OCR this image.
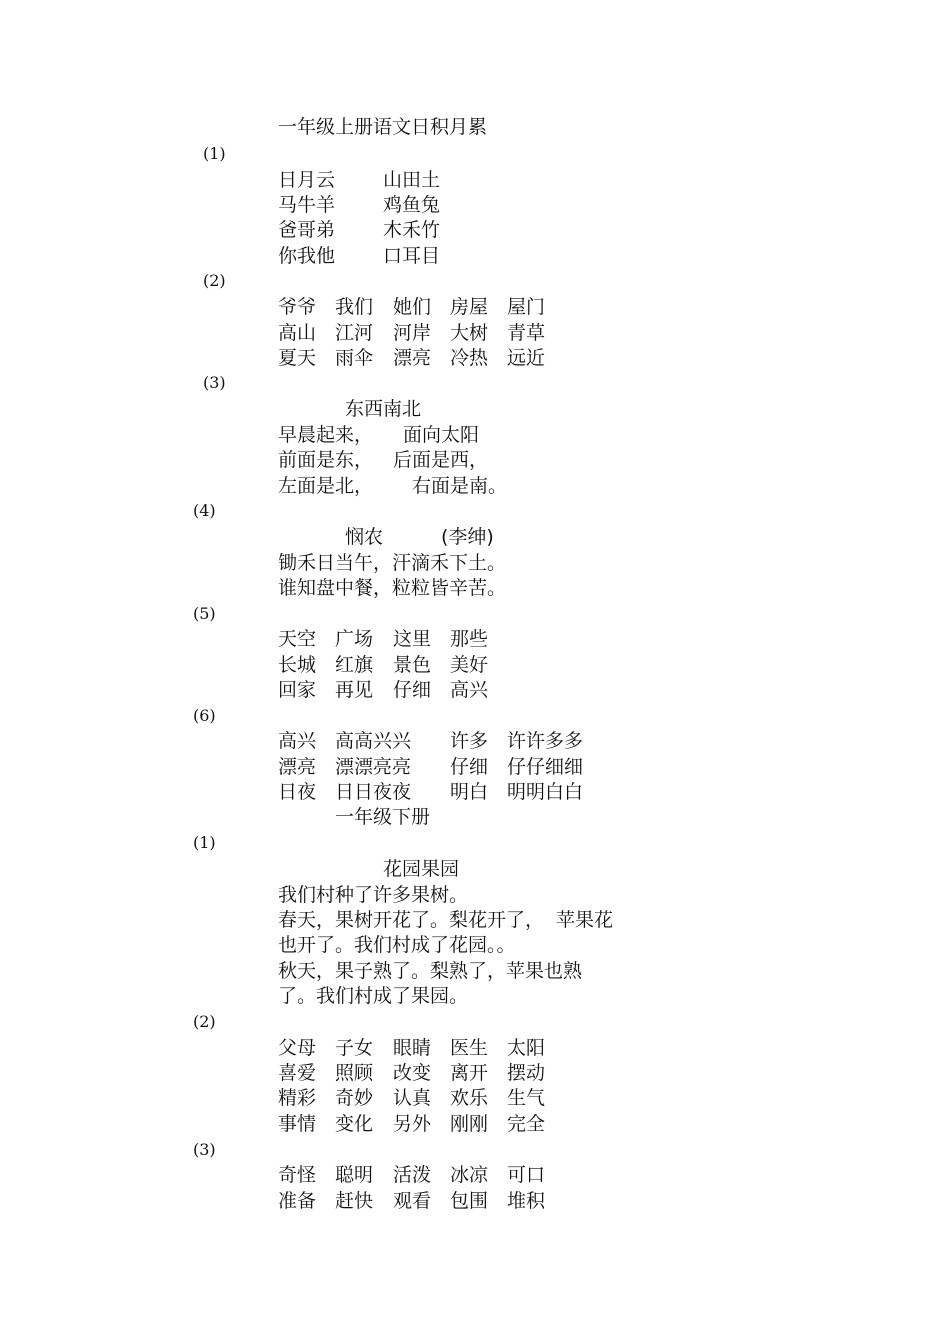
一年级上册语文日积月累
(1)
日月云	山田土
马牛羊	鸡鱼兔
爸哥弟	木禾竹
你我他	口耳目
(2)
爷爷 我们 她们 房屋 屋门
高山 江河 河岸 大树 青草
夏天 雨伞 漂亮 冷热 远近
(3)
东西南北
早晨起来， 面向太阳
前面是东， 后面是西，
左面是北， 右面是南。
(4)
悯农	(李绅)
锄禾日当午，汗滴禾下土。
谁知盘中餐，粒粒皆辛苦。
(5)
天空 广场 这里 那些
长城 红旗 景色 美好
回家 再见 仔细 高兴
(6)
高兴 高高兴兴 许多 许许多多
漂亮 漂漂亮亮 仔细 仔仔细细
日夜 日日夜夜 明白 明明白白
一年级下册
(1)
花园果园
我们村种了许多果树。
春天，果树开花了。梨花开了， 苹果花
也开了。我们村成了花园。。
秋天，果子熟了。梨熟了，苹果也熟
了。我们村成了果园。
(2)
父母 子女 眼睛 医生 太阳
喜爱 照顾 改变 离开 摆动
精彩 奇妙 认真 欢乐 生气
事情 变化 另外 刚刚 完全
(3)
奇怪 聪明 活泼 冰凉 可口
准备 赶快 观看 包围 堆积
